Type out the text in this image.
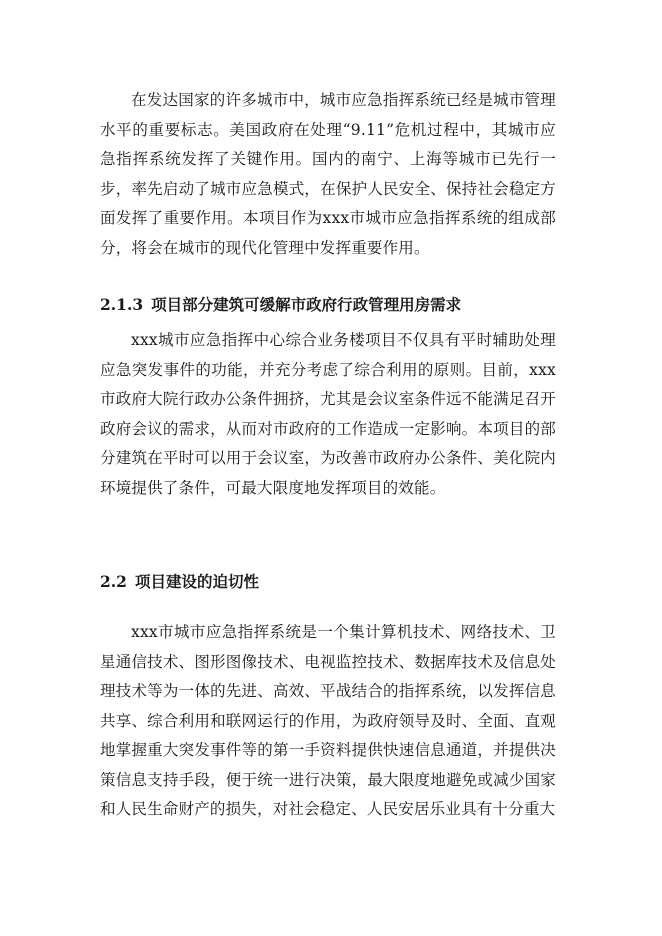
在发达国家的许多城市中，城市应急指挥系统已经是城市管理水平的重要标志。美国政府在处理“9.11”危机过程中，其城市应急指挥系统发挥了关键作用。国内的南宁、上海等城市已先行一步，率先启动了城市应急模式，在保护人民安全、保持社会稳定方面发挥了重要作用。本项目作为xxx市城市应急指挥系统的组成部分，将会在城市的现代化管理中发挥重要作用。

2.1.3 项目部分建筑可缓解市政府行政管理用房需求

xxx城市应急指挥中心综合业务楼项目不仅具有平时辅助处理应急突发事件的功能，并充分考虑了综合利用的原则。目前，xxx市政府大院行政办公条件拥挤，尤其是会议室条件远不能满足召开政府会议的需求，从而对市政府的工作造成一定影响。本项目的部分建筑在平时可以用于会议室，为改善市政府办公条件、美化院内环境提供了条件，可最大限度地发挥项目的效能。

2.2 项目建设的迫切性

xxx市城市应急指挥系统是一个集计算机技术、网络技术、卫星通信技术、图形图像技术、电视监控技术、数据库技术及信息处理技术等为一体的先进、高效、平战结合的指挥系统，以发挥信息共享、综合利用和联网运行的作用，为政府领导及时、全面、直观地掌握重大突发事件等的第一手资料提供快速信息通道，并提供决策信息支持手段，便于统一进行决策，最大限度地避免或减少国家和人民生命财产的损失，对社会稳定、人民安居乐业具有十分重大
